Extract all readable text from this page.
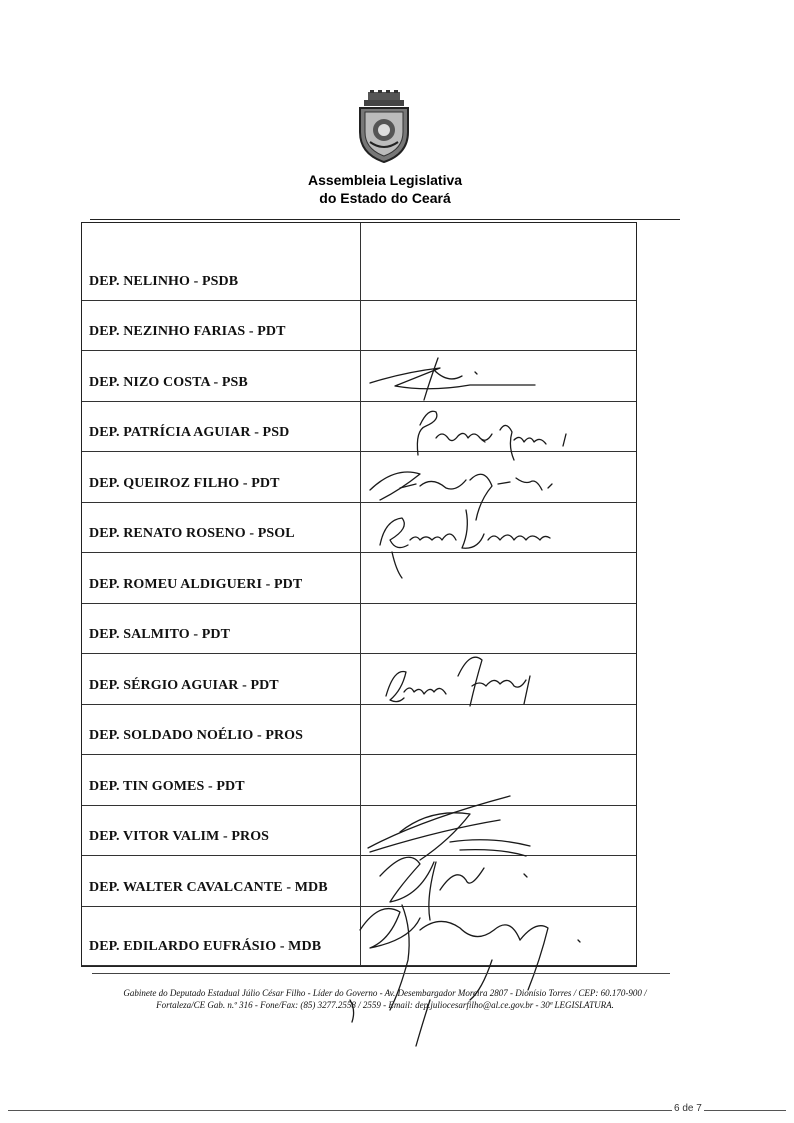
Assembleia Legislativa
do Estado do Ceará
DEP. NELINHO - PSDB
DEP. NEZINHO FARIAS - PDT
DEP. NIZO COSTA - PSB
DEP. PATRÍCIA AGUIAR - PSD
DEP. QUEIROZ FILHO - PDT
DEP. RENATO ROSENO - PSOL
DEP. ROMEU ALDIGUERI - PDT
DEP. SALMITO - PDT
DEP. SÉRGIO AGUIAR - PDT
DEP. SOLDADO NOÉLIO - PROS
DEP. TIN GOMES - PDT
DEP. VITOR VALIM - PROS
DEP. WALTER CAVALCANTE - MDB
DEP. EDILARDO EUFRÁSIO - MDB
Gabinete do Deputado Estadual Júlio César Filho - Líder do Governo - Av. Desembargador Moreira 2807 - Dionísio Torres / CEP: 60.170-900 /
Fortaleza/CE Gab. n.º 316 - Fone/Fax: (85) 3277.2558 / 2559 - Email: dep.juliocesarfilho@al.ce.gov.br - 30ª LEGISLATURA.
6 de 7
